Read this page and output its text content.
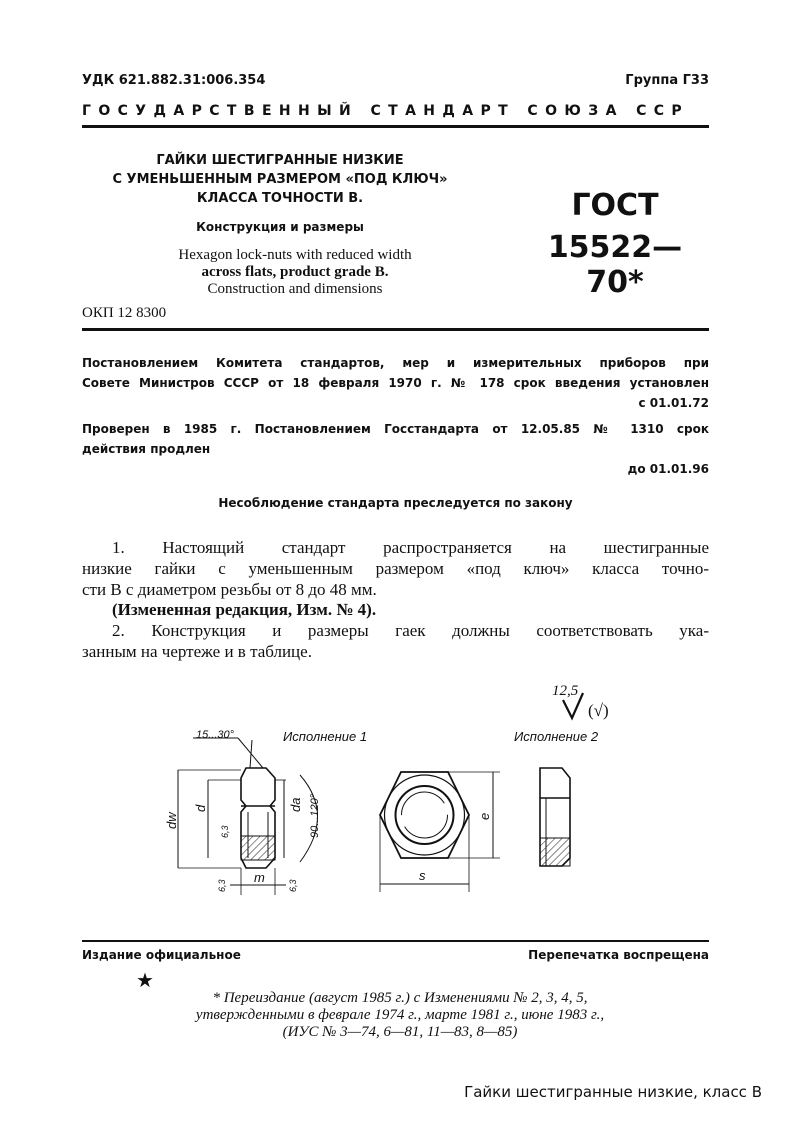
УДК 621.882.31:006.354	Группа Г33
ГОСУДАРСТВЕННЫЙ СТАНДАРТ СОЮЗА ССР
ГАЙКИ ШЕСТИГРАННЫЕ НИЗКИЕ
С УМЕНЬШЕННЫМ РАЗМЕРОМ «ПОД КЛЮЧ»
КЛАССА ТОЧНОСТИ В.
Конструкция и размеры
Hexagon lock-nuts with reduced width
across flats, product grade B.
Construction and dimensions
ГОСТ
15522—70*
ОКП 12 8300
Постановлением Комитета стандартов, мер и измерительных приборов при
Совете Министров СССР от 18 февраля 1970 г. № 178 срок введения установлен
с 01.01.72
Проверен в 1985 г. Постановлением Госстандарта от 12.05.85 № 1310 срок
действия продлен
до 01.01.96
Несоблюдение стандарта преследуется по закону
1. Настоящий стандарт распространяется на шестигранные
низкие гайки с уменьшенным размером «под ключ» класса точно-
сти В с диаметром резьбы от 8 до 48 мм.
(Измененная редакция, Изм. № 4).
2. Конструкция и размеры гаек должны соответствовать ука-
занным на чертеже и в таблице.
12,5
(√)
Исполнение 1	Исполнение 2
dw
d	da 90...120°
15...30°
6,3
6,3	6,3
m	s
e
Издание официальное	Перепечатка воспрещена
★
* Переиздание (август 1985 г.) с Изменениями № 2, 3, 4, 5,
утвержденными в феврале 1974 г., марте 1981 г., июне 1983 г.,
(ИУС № 3—74, 6—81, 11—83, 8—85)
Гайки шестигранные низкие, класс В
